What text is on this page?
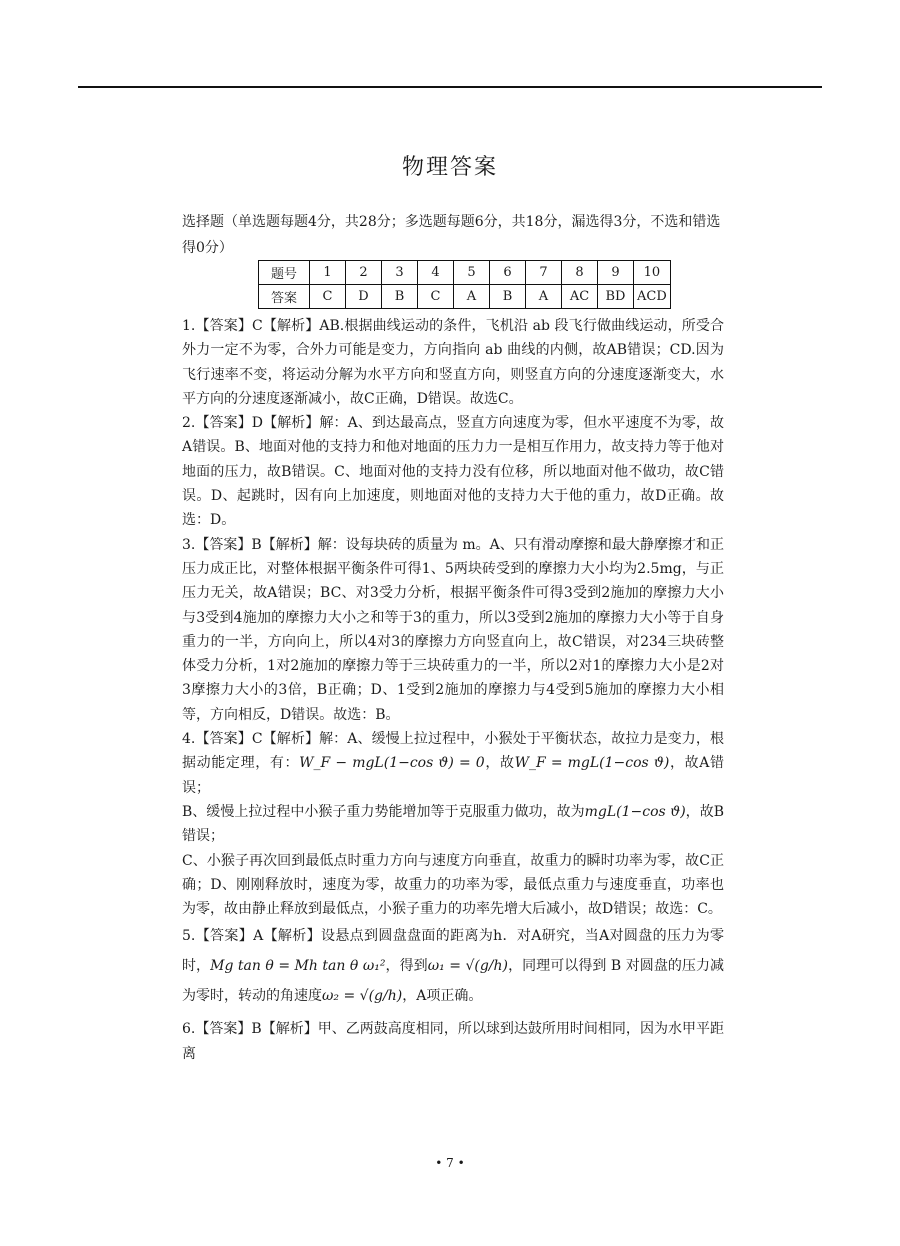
物理答案
选择题（单选题每题4分，共28分；多选题每题6分，共18分，漏选得3分，不选和错选得0分）
题号	1	2	3	4	5	6	7	8	9	10
答案	C	D	B	C	A	B	A	AC	BD	ACD

1.【答案】C【解析】AB.根据曲线运动的条件，飞机沿 ab 段飞行做曲线运动，所受合外力一定不为零，合外力可能是变力，方向指向 ab 曲线的内侧，故AB错误；CD.因为飞行速率不变，将运动分解为水平方向和竖直方向，则竖直方向的分速度逐渐变大，水平方向的分速度逐渐减小，故C正确，D错误。故选C。

2.【答案】D【解析】解：A、到达最高点，竖直方向速度为零，但水平速度不为零，故A错误。B、地面对他的支持力和他对地面的压力力一是相互作用力，故支持力等于他对地面的压力，故B错误。C、地面对他的支持力没有位移，所以地面对他不做功，故C错误。D、起跳时，因有向上加速度，则地面对他的支持力大于他的重力，故D正确。故选：D。

3.【答案】B【解析】解：设每块砖的质量为 m。A、只有滑动摩擦和最大静摩擦才和正压力成正比，对整体根据平衡条件可得1、5两块砖受到的摩擦力大小均为2.5mg，与正压力无关，故A错误；BC、对3受力分析，根据平衡条件可得3受到2施加的摩擦力大小与3受到4施加的摩擦力大小之和等于3的重力，所以3受到2施加的摩擦力大小等于自身重力的一半，方向向上，所以4对3的摩擦力方向竖直向上，故C错误，对234三块砖整体受力分析，1对2施加的摩擦力等于三块砖重力的一半，所以2对1的摩擦力大小是2对3摩擦力大小的3倍，B正确；D、1受到2施加的摩擦力与4受到5施加的摩擦力大小相等，方向相反，D错误。故选：B。

4.【答案】C【解析】解：A、缓慢上拉过程中，小猴处于平衡状态，故拉力是变力，根据动能定理，有：W_F − mgL(1−cos ϑ) = 0，故W_F = mgL(1−cos ϑ)，故A错误；

B、缓慢上拉过程中小猴子重力势能增加等于克服重力做功，故为mgL(1−cos ϑ)，故B错误；

C、小猴子再次回到最低点时重力方向与速度方向垂直，故重力的瞬时功率为零，故C正确；D、刚刚释放时，速度为零，故重力的功率为零，最低点重力与速度垂直，功率也为零，故由静止释放到最低点，小猴子重力的功率先增大后减小，故D错误；故选：C。

5.【答案】A【解析】设悬点到圆盘盘面的距离为h．对A研究，当A对圆盘的压力为零时，Mg tan θ = Mh tan θ ω₁²，得到ω₁ = √(g/h)，同理可以得到 B 对圆盘的压力减为零时，转动的角速度ω₂ = √(g/h)，A项正确。

6.【答案】B【解析】甲、乙两鼓高度相同，所以球到达鼓所用时间相同，因为水甲平距离

• 7 •
